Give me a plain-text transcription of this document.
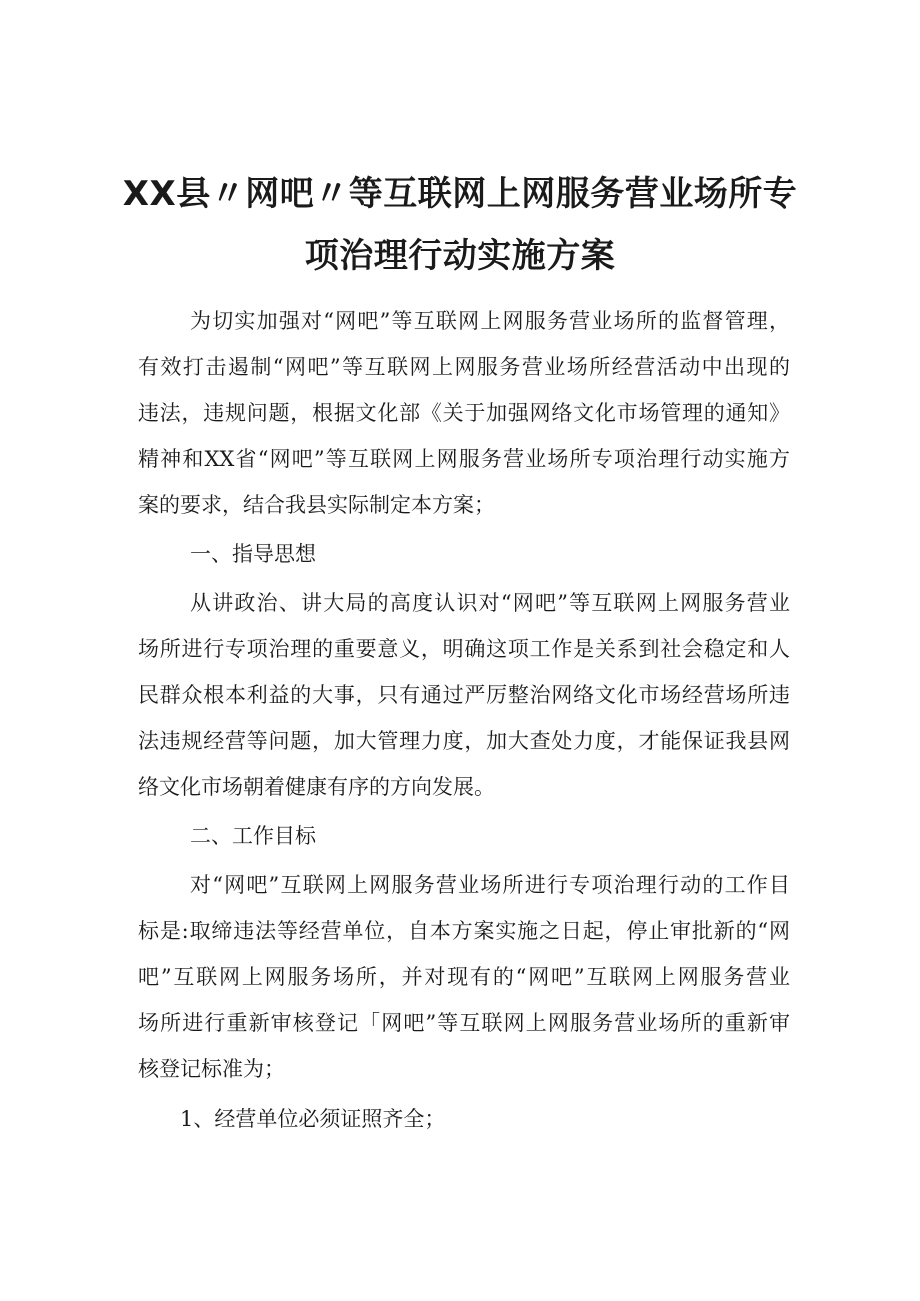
XX县〃网吧〃等互联网上网服务营业场所专
项治理行动实施方案
为切实加强对“网吧”等互联网上网服务营业场所的监督管理，
有效打击遏制“网吧”等互联网上网服务营业场所经营活动中出现的
违法，违规问题，根据文化部《关于加强网络文化市场管理的通知》
精神和XX省“网吧”等互联网上网服务营业场所专项治理行动实施方
案的要求，结合我县实际制定本方案；
一、指导思想
从讲政治、讲大局的高度认识对“网吧”等互联网上网服务营业
场所进行专项治理的重要意义，明确这项工作是关系到社会稳定和人
民群众根本利益的大事，只有通过严厉整治网络文化市场经营场所违
法违规经营等问题，加大管理力度，加大查处力度，才能保证我县网
络文化市场朝着健康有序的方向发展。
二、工作目标
对“网吧”互联网上网服务营业场所进行专项治理行动的工作目
标是:取缔违法等经营单位，自本方案实施之日起，停止审批新的“网
吧”互联网上网服务场所，并对现有的“网吧”互联网上网服务营业
场所进行重新审核登记「网吧”等互联网上网服务营业场所的重新审
核登记标准为；
1、经营单位必须证照齐全；
